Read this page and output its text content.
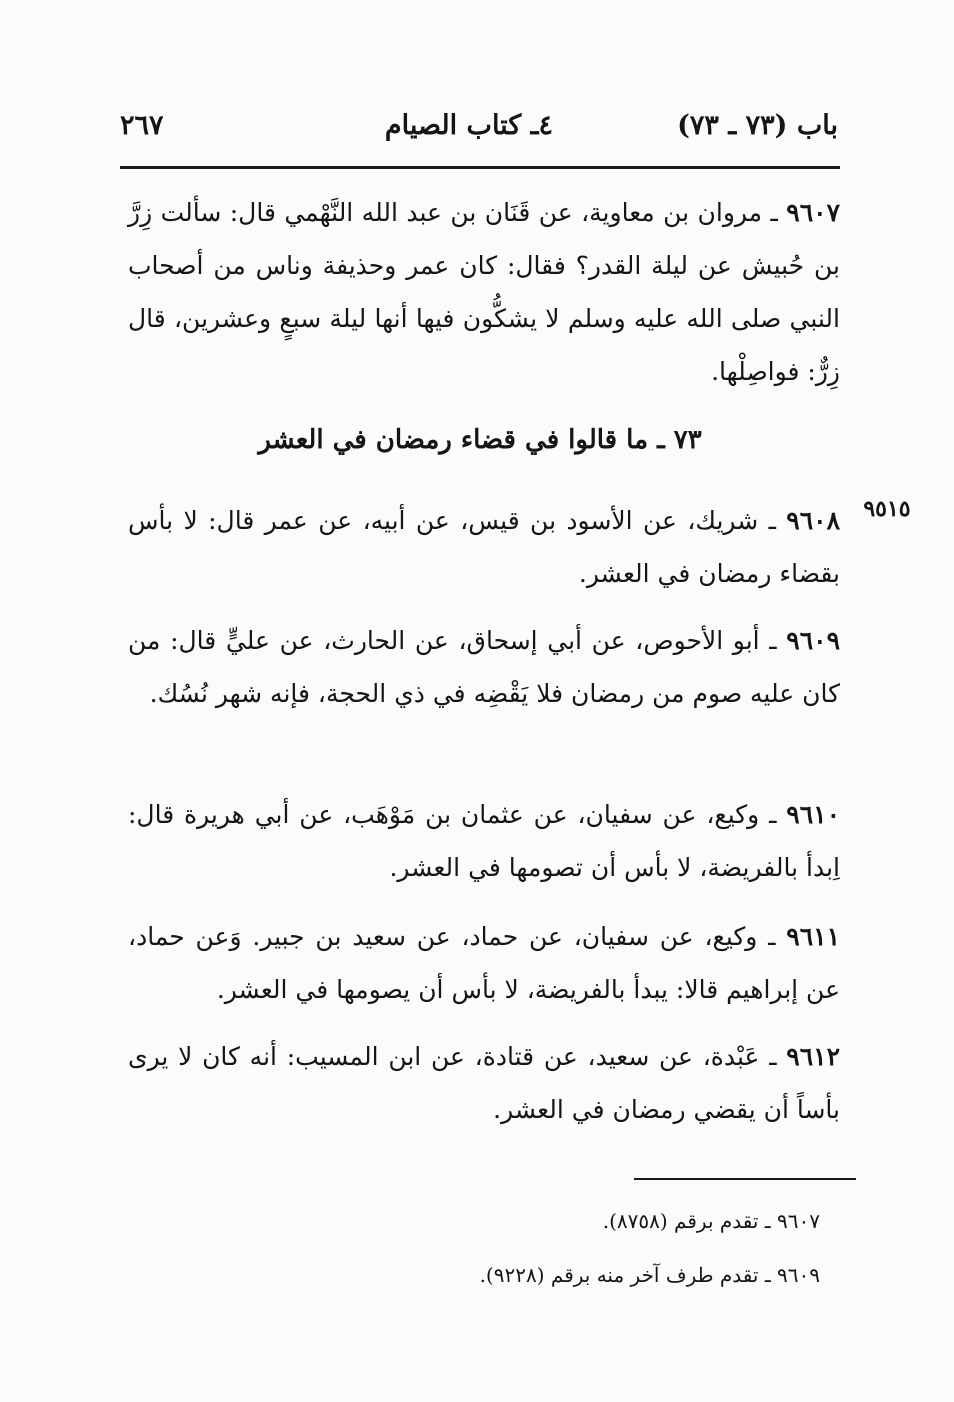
باب (٧٣ ـ ٧٣)
٤ـ كتاب الصيام
٢٦٧
٩٦٠٧ ـ مروان بن معاوية، عن قَنَان بن عبد الله النَّهْمي قال: سألت زِرَّ بن حُبيش عن ليلة القدر؟ فقال: كان عمر وحذيفة وناس من أصحاب النبي صلى الله عليه وسلم لا يشكُّون فيها أنها ليلة سبعٍ وعشرين، قال زِرٌّ: فواصِلْها.
٧٣ ـ ما قالوا في قضاء رمضان في العشر
٩٥١٥
٩٦٠٨ ـ شريك، عن الأسود بن قيس، عن أبيه، عن عمر قال: لا بأس بقضاء رمضان في العشر.
٩٦٠٩ ـ أبو الأحوص، عن أبي إسحاق، عن الحارث، عن عليٍّ قال: من كان عليه صوم من رمضان فلا يَقْضِه في ذي الحجة، فإنه شهر نُسُك.
٩٦١٠ ـ وكيع، عن سفيان، عن عثمان بن مَوْهَب، عن أبي هريرة قال: اِبدأ بالفريضة، لا بأس أن تصومها في العشر.
٩٦١١ ـ وكيع، عن سفيان، عن حماد، عن سعيد بن جبير. وَعن حماد، عن إبراهيم قالا: يبدأ بالفريضة، لا بأس أن يصومها في العشر.
٩٦١٢ ـ عَبْدة، عن سعيد، عن قتادة، عن ابن المسيب: أنه كان لا يرى بأساً أن يقضي رمضان في العشر.
٩٦٠٧ ـ تقدم برقم (٨٧٥٨).
٩٦٠٩ ـ تقدم طرف آخر منه برقم (٩٢٢٨).
